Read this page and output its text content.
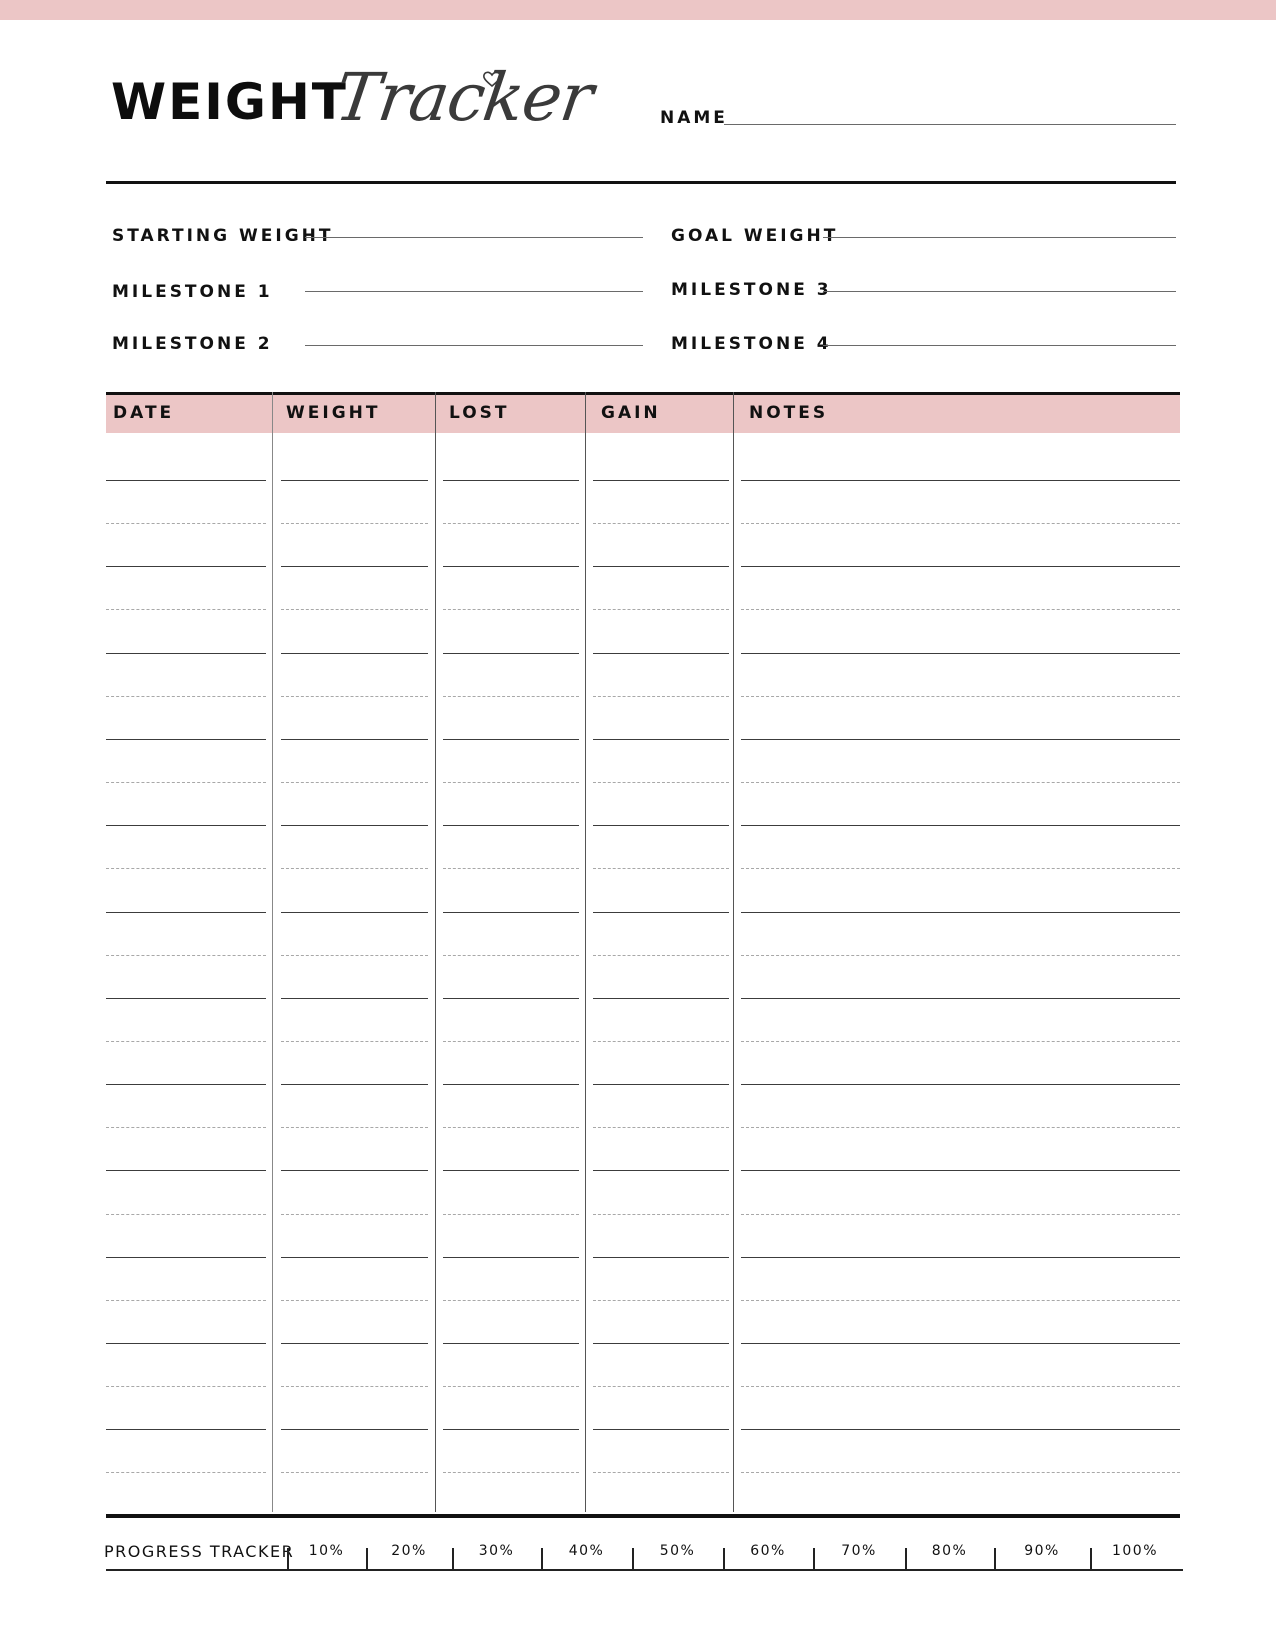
WEIGHT
Tracker	NAME
STARTING WEIGHT
MILESTONE 1
MILESTONE 2
GOAL WEIGHT
MILESTONE 3
MILESTONE 4
DATE	WEIGHT	LOST	GAIN	NOTES
PROGRESS TRACKER	10%	20%	30%	40%	50%	60%	70%	80%	90%	100%
